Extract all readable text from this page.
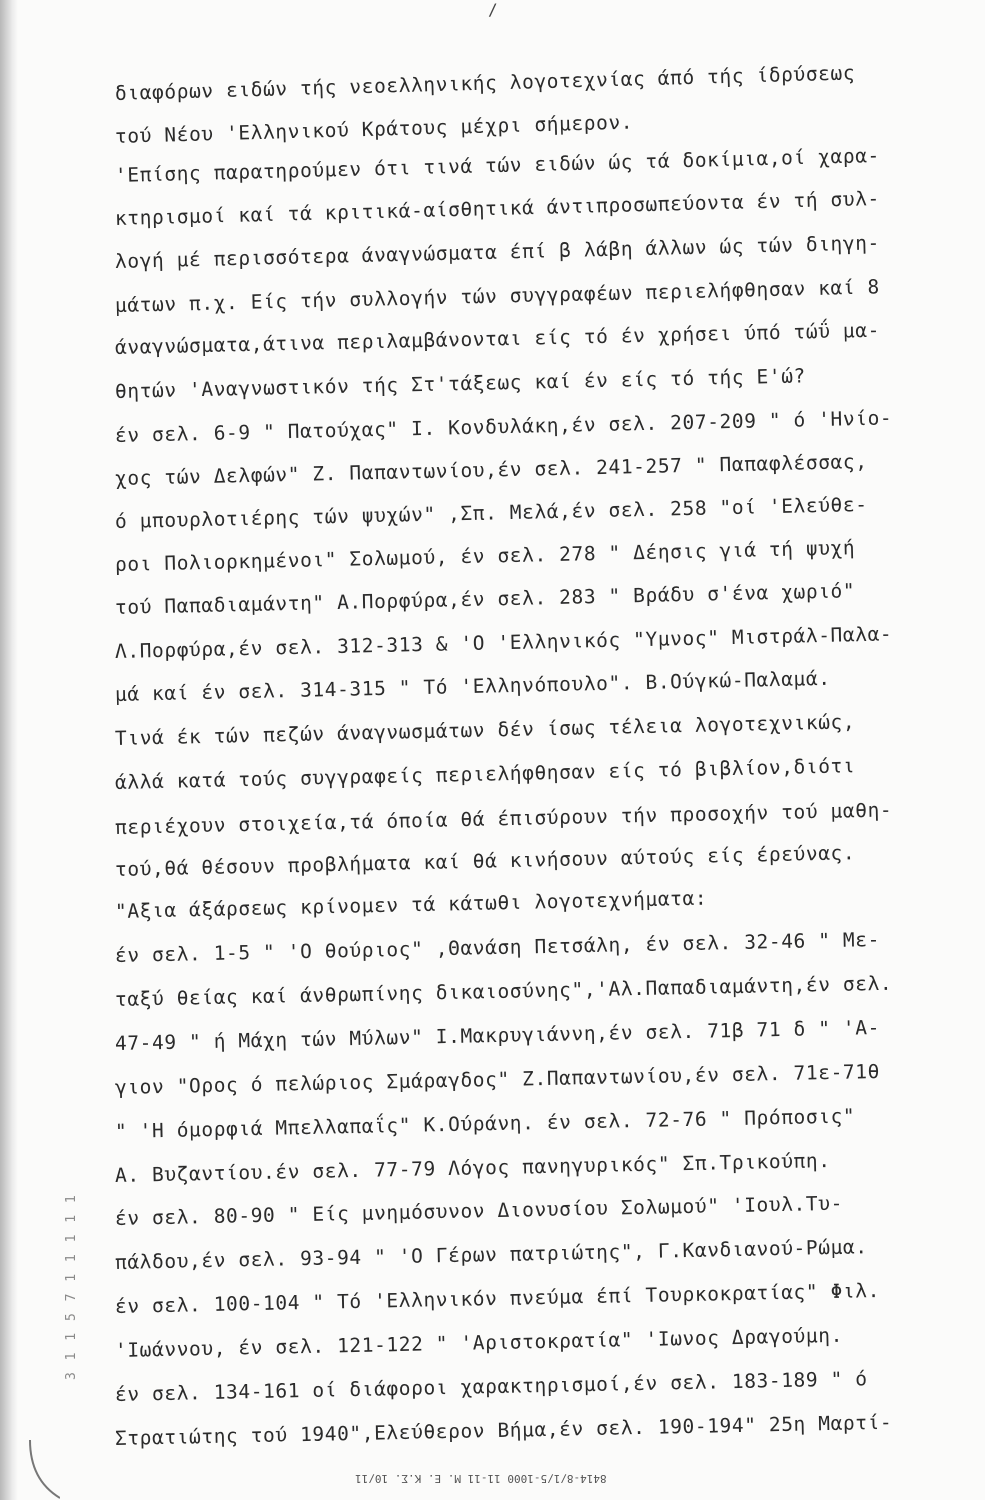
/
διαφόρων ειδών τής νεοελληνικής λογοτεχνίας άπό τής ίδρύσεως
τού Νέου 'Ελληνικού Κράτους μέχρι σήμερον.
'Επίσης παρατηρούμεν ότι τινά τών ειδών ώς τά δοκίμια,οί χαρα-
κτηρισμοί καί τά κριτικά-αίσθητικά άντιπροσωπεύοντα έν τή συλ-
λογή μέ περισσότερα άναγνώσματα έπί β λάβη άλλων ώς τών διηγη-
μάτων π.χ. Είς τήν συλλογήν τών συγγραφέων περιελήφθησαν καί 8
άναγνώσματα,άτινα περιλαμβάνονται είς τό έν χρήσει ύπό τώΰ μα-
θητών 'Αναγνωστικόν τής Στ'τάξεως καί έν είς τό τής Ε'ώ?
έν σελ. 6-9 " Πατούχας" Ι. Κονδυλάκη,έν σελ. 207-209 " ό 'Ηνίο-
χος τών Δελφών" Ζ. Παπαντωνίου,έν σελ. 241-257 " Παπαφλέσσας,
ό μπουρλοτιέρης τών ψυχών" ,Σπ. Μελά,έν σελ. 258 "οί 'Ελεύθε-
ροι Πολιορκημένοι" Σολωμού, έν σελ. 278 " Δέησις γιά τή ψυχή
τού Παπαδιαμάντη" Α.Πορφύρα,έν σελ. 283 " Βράδυ σ'ένα χωριό"
Λ.Πορφύρα,έν σελ. 312-313 & 'Ο 'Ελληνικός "Υμνος" Μιστράλ-Παλα-
μά καί έν σελ. 314-315 " Τό 'Ελληνόπουλο". Β.Ούγκώ-Παλαμά.
Τινά έκ τών πεζών άναγνωσμάτων δέν ίσως τέλεια λογοτεχνικώς,
άλλά κατά τούς συγγραφείς περιελήφθησαν είς τό βιβλίον,διότι
περιέχουν στοιχεία,τά όποία θά έπισύρουν τήν προσοχήν τού μαθη-
τού,θά θέσουν προβλήματα καί θά κινήσουν αύτούς είς έρεύνας.
"Αξια άξάρσεως κρίνομεν τά κάτωθι λογοτεχνήματα:
έν σελ. 1-5 " 'Ο θούριος" ,Θανάση Πετσάλη, έν σελ. 32-46 " Με-
ταξύ θείας καί άνθρωπίνης δικαιοσύνης",'Αλ.Παπαδιαμάντη,έν σελ.
47-49 " ή Μάχη τών Μύλων" Ι.Μακρυγιάννη,έν σελ. 71β 71 δ " 'Α-
γιον "Ορος ό πελώριος Σμάραγδος" Ζ.Παπαντωνίου,έν σελ. 71ε-71θ
" 'Η όμορφιά Μπελλαπαΐς" Κ.Ούράνη. έν σελ. 72-76 " Πρόποσις"
Α. Βυζαντίου.έν σελ. 77-79 Λόγος πανηγυρικός" Σπ.Τρικούπη.
έν σελ. 80-90 " Είς μνημόσυνον Διονυσίου Σολωμού" 'Ιουλ.Τυ-
πάλδου,έν σελ. 93-94 " 'Ο Γέρων πατριώτης", Γ.Κανδιανού-Ρώμα.
έν σελ. 100-104 " Τό 'Ελληνικόν πνεύμα έπί Τουρκοκρατίας" Φιλ.
'Ιωάννου, έν σελ. 121-122 " 'Αριστοκρατία" 'Ιωνος Δραγούμη.
έν σελ. 134-161 οί διάφοροι χαρακτηρισμοί,έν σελ. 183-189 " ό
Στρατιώτης τού 1940",Ελεύθερον Βήμα,έν σελ. 190-194" 25η Μαρτί-
3 1 1 5 7 1 1 1 1 1
8414-8/1/5-1000 11-11 Μ. Ε. Κ.Σ. 10/11
